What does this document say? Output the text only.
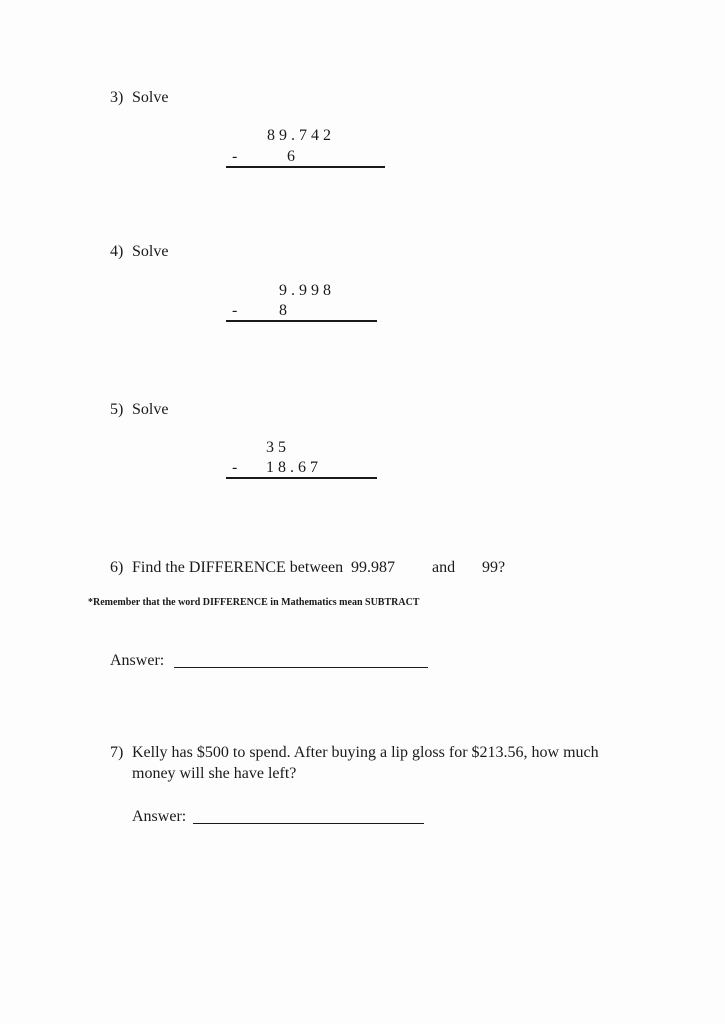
3) Solve
8 9 . 7 4 2
-	6
4) Solve
9 . 9 9 8
-	8
5) Solve
3 5
- 1 8 . 6 7
6) Find the DIFFERENCE between 99.987 and 99?
*Remember that the word DIFFERENCE in Mathematics mean SUBTRACT
Answer:
7) Kelly has $500 to spend. After buying a lip gloss for $213.56, how much
money will she have left?
Answer:
